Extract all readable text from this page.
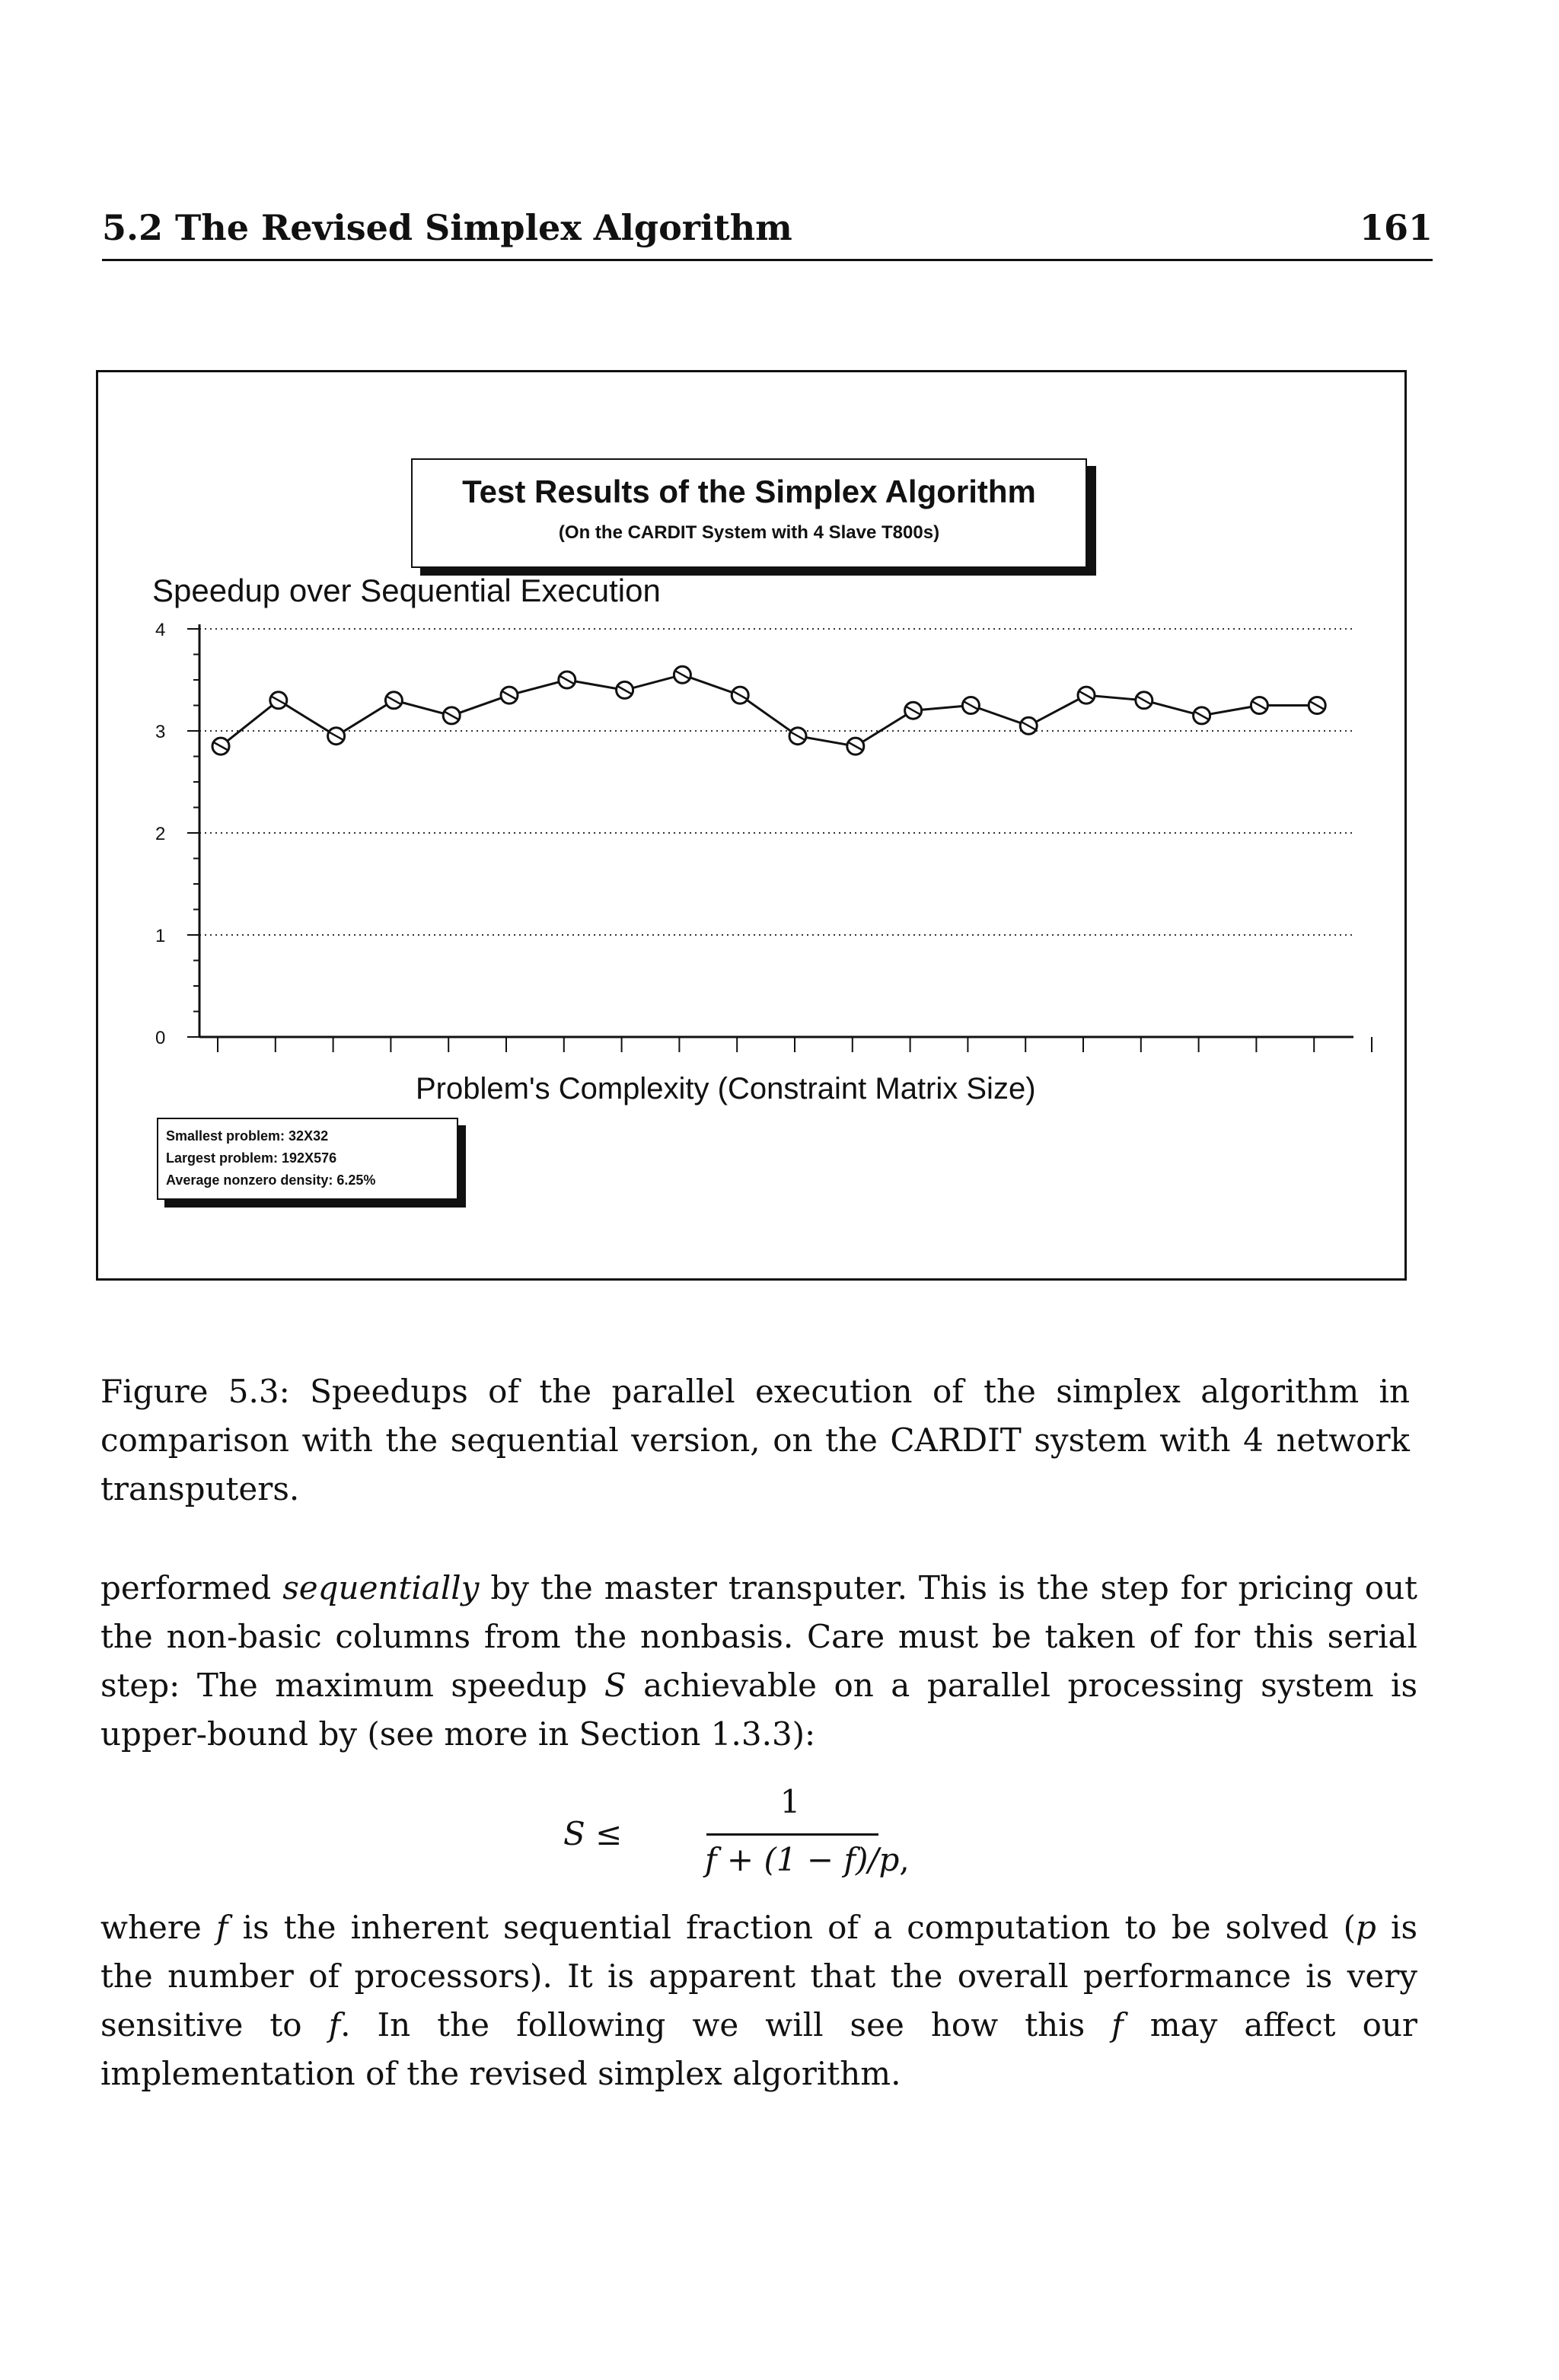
5.2 The Revised Simplex Algorithm	161
0
1
2
3
4
Test Results of the Simplex Algorithm
(On the CARDIT System with 4 Slave T800s)
Speedup over Sequential Execution
Problem's Complexity (Constraint Matrix Size)
Smallest problem: 32X32
Largest problem: 192X576
Average nonzero density: 6.25%
Figure 5.3: Speedups of the parallel execution of the simplex algorithm in comparison with the sequential version, on the CARDIT system with 4 network transputers.
performed sequentially by the master transputer. This is the step for pricing out the non-basic columns from the nonbasis. Care must be taken of for this serial step: The maximum speedup S achievable on a parallel processing system is upper-bound by (see more in Section 1.3.3):
S ≤
1
f + (1 − f)/p,
where f is the inherent sequential fraction of a computation to be solved (p is the number of processors). It is apparent that the overall performance is very sensitive to f. In the following we will see how this f may affect our implementation of the revised simplex algorithm.
